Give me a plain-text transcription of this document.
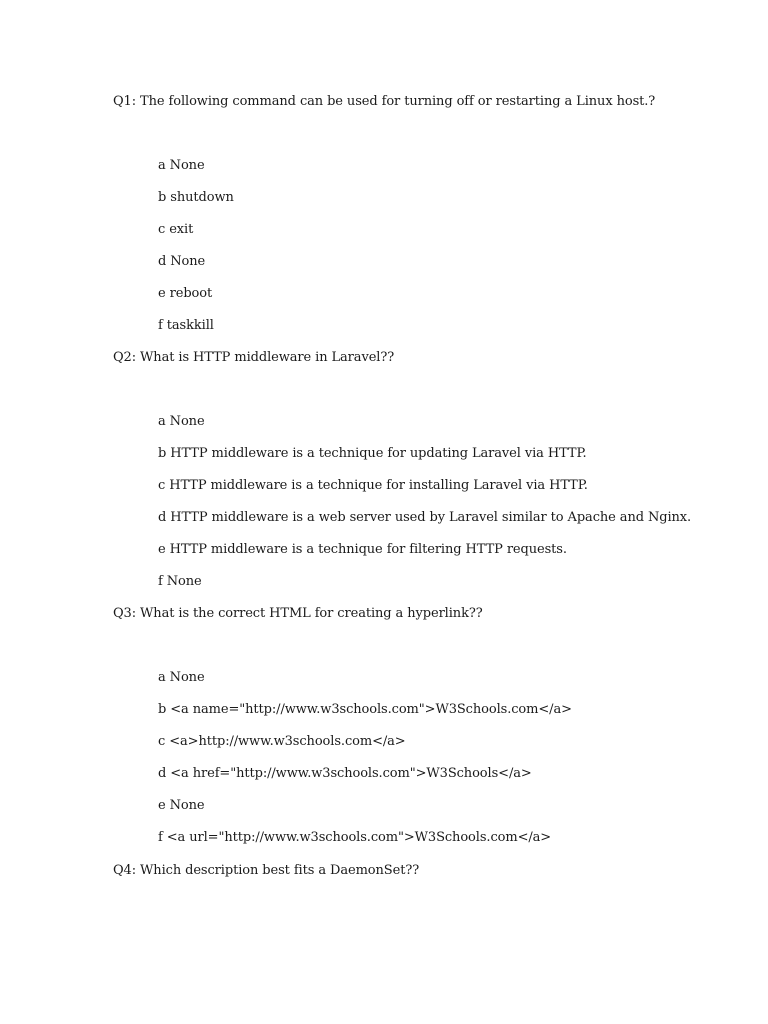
Q1: The following command can be used for turning off or restarting a Linux host.?
a None
b shutdown
c exit
d None
e reboot
f taskkill
Q2: What is HTTP middleware in Laravel??
a None
b HTTP middleware is a technique for updating Laravel via HTTP.
c HTTP middleware is a technique for installing Laravel via HTTP.
d HTTP middleware is a web server used by Laravel similar to Apache and Nginx.
e HTTP middleware is a technique for filtering HTTP requests.
f None
Q3: What is the correct HTML for creating a hyperlink??
a None
b <a name="http://www.w3schools.com">W3Schools.com</a>
c <a>http://www.w3schools.com</a>
d <a href="http://www.w3schools.com">W3Schools</a>
e None
f <a url="http://www.w3schools.com">W3Schools.com</a>
Q4: Which description best fits a DaemonSet??
